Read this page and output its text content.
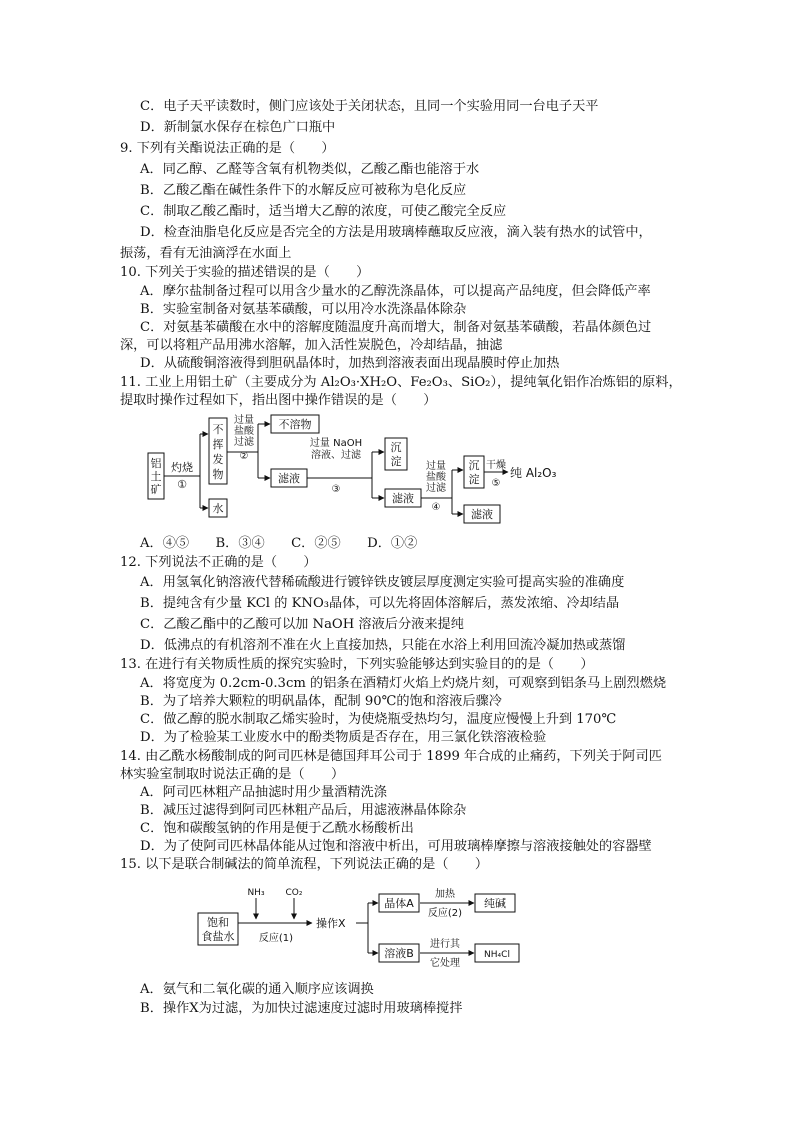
C．电子天平读数时，侧门应该处于关闭状态，且同一个实验用同一台电子天平
D．新制氯水保存在棕色广口瓶中
9. 下列有关酯说法正确的是（　　）
A．同乙醇、乙醛等含氧有机物类似，乙酸乙酯也能溶于水
B．乙酸乙酯在碱性条件下的水解反应可被称为皂化反应
C．制取乙酸乙酯时，适当增大乙醇的浓度，可使乙酸完全反应
D．检查油脂皂化反应是否完全的方法是用玻璃棒蘸取反应液，滴入装有热水的试管中，
振荡，看有无油滴浮在水面上
10. 下列关于实验的描述错误的是（　　）
A．摩尔盐制备过程可以用含少量水的乙醇洗涤晶体，可以提高产品纯度，但会降低产率
B．实验室制备对氨基苯磺酸，可以用冷水洗涤晶体除杂
C．对氨基苯磺酸在水中的溶解度随温度升高而增大，制备对氨基苯磺酸，若晶体颜色过
深，可以将粗产品用沸水溶解，加入活性炭脱色，冷却结晶，抽滤
D．从硫酸铜溶液得到胆矾晶体时，加热到溶液表面出现晶膜时停止加热
11. 工业上用铝土矿（主要成分为 Al₂O₃·XH₂O、Fe₂O₃、SiO₂），提纯氧化铝作冶炼铝的原料，
提取时操作过程如下，指出图中操作错误的是（　　）
铝
土
矿
灼烧
①
不
挥
发
物
水
过量
盐酸
过滤
②
不溶物
滤液
过量 NaOH
溶液、过滤
③
沉
淀
滤液
过量
盐酸
过滤
④
沉
淀
滤液
干燥
⑤
纯 Al₂O₃
A．④⑤　　B．③④　　C．②⑤　　D．①②
12. 下列说法不正确的是（　　）
A．用氢氧化钠溶液代替稀硫酸进行镀锌铁皮镀层厚度测定实验可提高实验的准确度
B．提纯含有少量 KCl 的 KNO₃晶体，可以先将固体溶解后，蒸发浓缩、冷却结晶
C．乙酸乙酯中的乙酸可以加 NaOH 溶液后分液来提纯
D．低沸点的有机溶剂不准在火上直接加热，只能在水浴上利用回流冷凝加热或蒸馏
13. 在进行有关物质性质的探究实验时，下列实验能够达到实验目的的是（　　）
A．将宽度为 0.2cm-0.3cm 的铝条在酒精灯火焰上灼烧片刻，可观察到铝条马上剧烈燃烧
B．为了培养大颗粒的明矾晶体，配制 90℃的饱和溶液后骤冷
C．做乙醇的脱水制取乙烯实验时，为使烧瓶受热均匀，温度应慢慢上升到 170℃
D．为了检验某工业废水中的酚类物质是否存在，用三氯化铁溶液检验
14. 由乙酰水杨酸制成的阿司匹林是德国拜耳公司于 1899 年合成的止痛药，下列关于阿司匹
林实验室制取时说法正确的是（　　）
A．阿司匹林粗产品抽滤时用少量酒精洗涤
B．减压过滤得到阿司匹林粗产品后，用滤液淋晶体除杂
C．饱和碳酸氢钠的作用是便于乙酰水杨酸析出
D．为了使阿司匹林晶体能从过饱和溶液中析出，可用玻璃棒摩擦与溶液接触处的容器壁
15. 以下是联合制碱法的简单流程，下列说法正确的是（　　）
饱和
食盐水
NH₃ CO₂
反应(1)
操作X
晶体A
加热
反应(2)
纯碱
溶液B
进行其
它处理
NH₄Cl
A．氨气和二氧化碳的通入顺序应该调换
B．操作X为过滤，为加快过滤速度过滤时用玻璃棒搅拌
